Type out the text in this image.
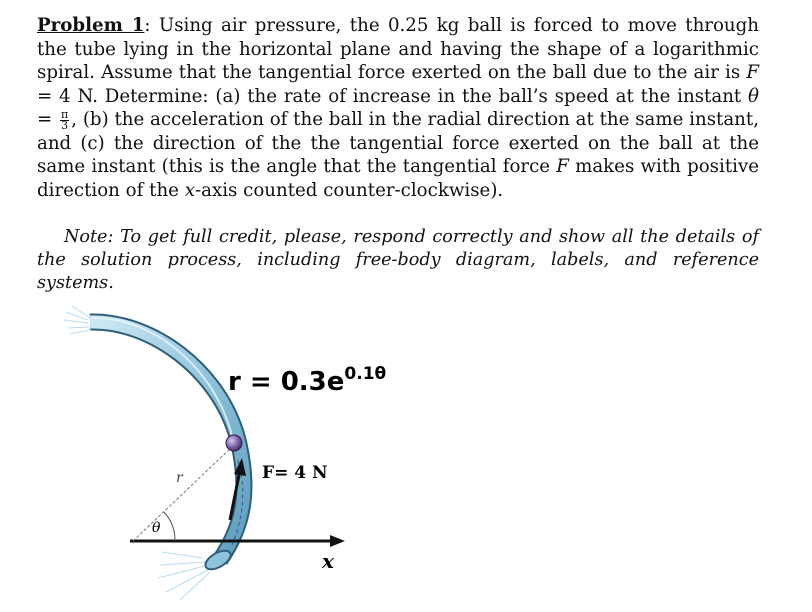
Problem 1: Using air pressure, the 0.25 kg ball is forced to move through the tube lying in the horizontal plane and having the shape of a logarithmic spiral. Assume that the tangential force exerted on the ball due to the air is F = 4 N. Determine: (a) the rate of increase in the ball’s speed at the instant $\theta = \frac{\pi}{3}$ , (b) the acceleration of the ball in the radial direction at the same instant, and (c) the direction of the the tangential force exerted on the ball at the same instant (this is the angle that the tangential force F makes with positive direction of the x-axis counted counter-clockwise).
Note: To get full credit, please, respond correctly and show all the details of the solution process, including free-body diagram, labels, and reference systems.
$r = 0.3e^{0.1\theta}$
F= 4 N
r
θ
x
